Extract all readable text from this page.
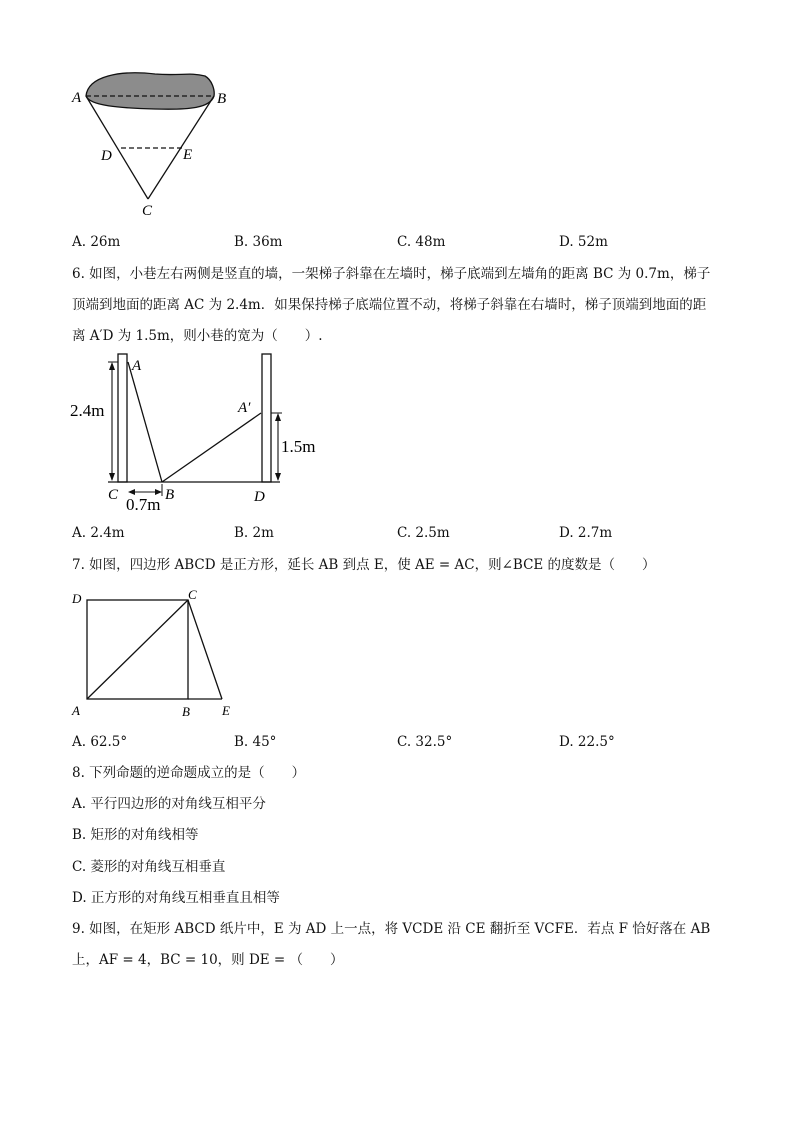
A	B
D	E
C
A. 26m	B. 36m	C. 48m	D. 52m
6. 如图，小巷左右两侧是竖直的墙，一架梯子斜靠在左墙时，梯子底端到左墙角的距离 BC 为 0.7m，梯子
顶端到地面的距离 AC 为 2.4m．如果保持梯子底端位置不动，将梯子斜靠在右墙时，梯子顶端到地面的距
离 A′D 为 1.5m，则小巷的宽为（　　）.
A
A′
C	B	D
2.4m
1.5m
0.7m
A. 2.4m	B. 2m	C. 2.5m	D. 2.7m
7. 如图，四边形 ABCD 是正方形，延长 AB 到点 E，使 AE = AC，则∠BCE 的度数是（　　）
D	C
A	B E
A. 62.5°	B. 45°	C. 32.5°	D. 22.5°
8. 下列命题的逆命题成立的是（　　）
A. 平行四边形的对角线互相平分
B. 矩形的对角线相等
C. 菱形的对角线互相垂直
D. 正方形的对角线互相垂直且相等
9. 如图，在矩形 ABCD 纸片中，E 为 AD 上一点，将 VCDE 沿 CE 翻折至 VCFE．若点 F 恰好落在 AB
上，AF = 4，BC = 10，则 DE = （　　）
